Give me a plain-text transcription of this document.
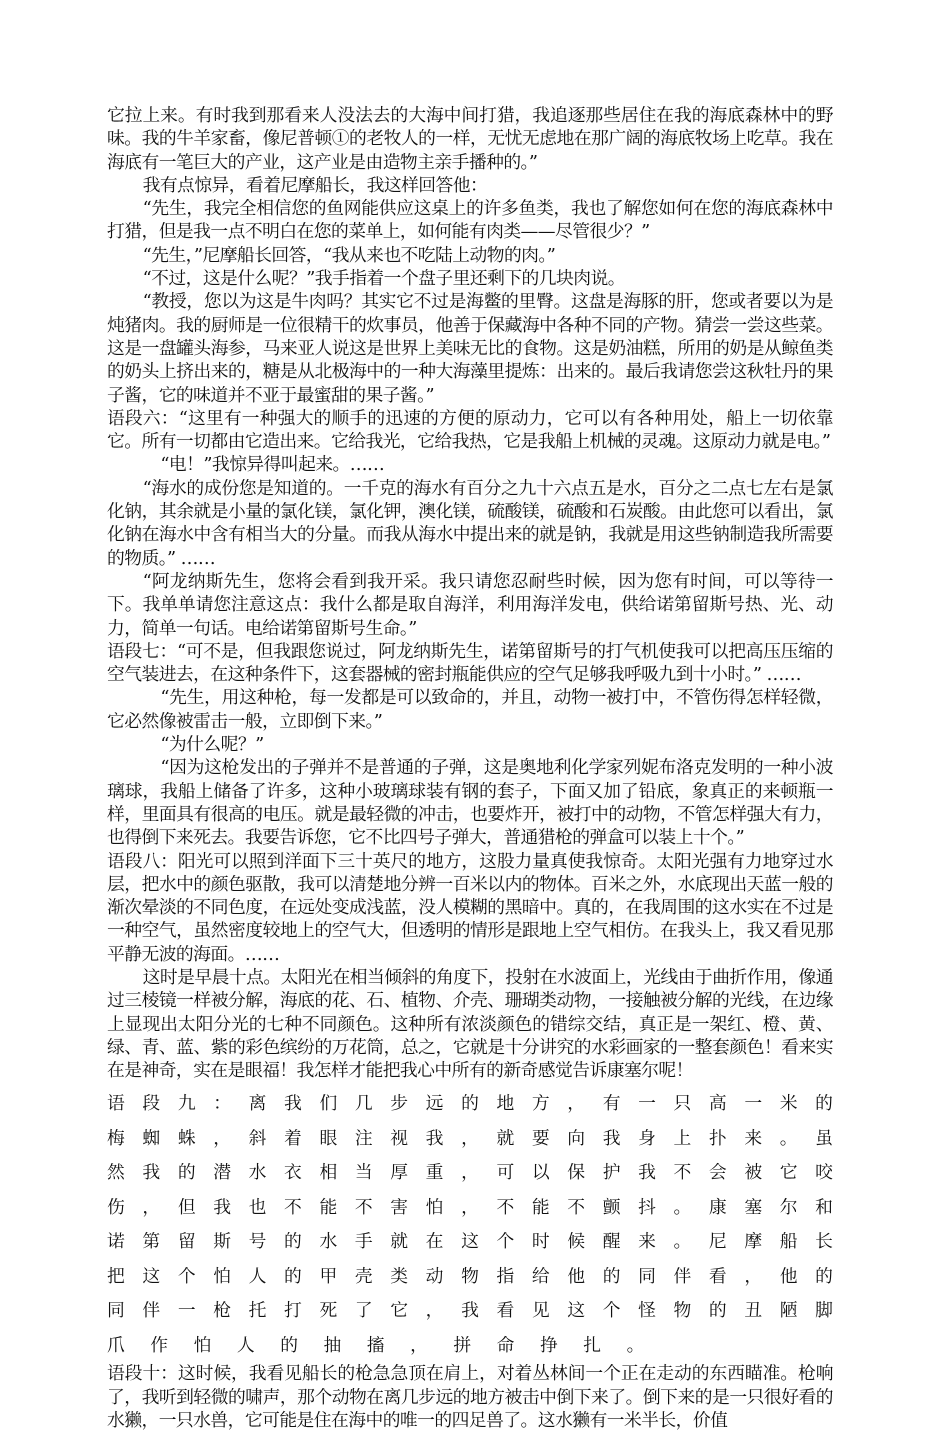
它拉上来。有时我到那看来人没法去的大海中间打猎，我追逐那些居住在我的海底森林中的野味。我的牛羊家畜，像尼普顿①的老牧人的一样，无忧无虑地在那广阔的海底牧场上吃草。我在海底有一笔巨大的产业，这产业是由造物主亲手播种的。”

我有点惊异，看着尼摩船长，我这样回答他：

“先生，我完全相信您的鱼网能供应这桌上的许多鱼类，我也了解您如何在您的海底森林中打猎，但是我一点不明白在您的菜单上，如何能有肉类——尽管很少？”

“先生，”尼摩船长回答，“我从来也不吃陆上动物的肉。”

“不过，这是什么呢？”我手指着一个盘子里还剩下的几块肉说。

“教授，您以为这是牛肉吗？其实它不过是海鳖的里臀。这盘是海豚的肝，您或者要以为是炖猪肉。我的厨师是一位很精干的炊事员，他善于保藏海中各种不同的产物。猜尝一尝这些菜。这是一盘罐头海参，马来亚人说这是世界上美味无比的食物。这是奶油糕，所用的奶是从鲸鱼类的奶头上挤出来的，糖是从北极海中的一种大海藻里提炼：出来的。最后我请您尝这秋牡丹的果子酱，它的味道并不亚于最蜜甜的果子酱。”

语段六：“这里有一种强大的顺手的迅速的方便的原动力，它可以有各种用处，船上一切依靠它。所有一切都由它造出来。它给我光，它给我热，它是我船上机械的灵魂。这原动力就是电。”

“电！”我惊异得叫起来。……

“海水的成份您是知道的。一千克的海水有百分之九十六点五是水，百分之二点七左右是氯化钠，其余就是小量的氯化镁，氯化钾，澳化镁，硫酸镁，硫酸和石炭酸。由此您可以看出，氯化钠在海水中含有相当大的分量。而我从海水中提出来的就是钠，我就是用这些钠制造我所需要的物质。” ……

“阿龙纳斯先生，您将会看到我开采。我只请您忍耐些时候，因为您有时间，可以等待一下。我单单请您注意这点：我什么都是取自海洋，利用海洋发电，供给诺第留斯号热、光、动力，简单一句话。电给诺第留斯号生命。”

语段七：“可不是，但我跟您说过，阿龙纳斯先生，诺第留斯号的打气机使我可以把高压压缩的空气装进去，在这种条件下，这套器械的密封瓶能供应的空气足够我呼吸九到十小时。” ……

“先生，用这种枪，每一发都是可以致命的，并且，动物一被打中，不管伤得怎样轻微，它必然像被雷击一般，立即倒下来。”

“为什么呢？”

“因为这枪发出的子弹并不是普通的子弹，这是奥地利化学家列妮布洛克发明的一种小波璃球，我船上储备了许多，这种小玻璃球装有钢的套子，下面又加了铅底，象真正的来顿瓶一样，里面具有很高的电压。就是最轻微的冲击，也要炸开，被打中的动物，不管怎样强大有力，也得倒下来死去。我要告诉您，它不比四号子弹大，普通猎枪的弹盒可以装上十个。”

语段八：阳光可以照到洋面下三十英尺的地方，这股力量真使我惊奇。太阳光强有力地穿过水层，把水中的颜色驱散，我可以清楚地分辨一百米以内的物体。百米之外，水底现出天蓝一般的渐次晕淡的不同色度，在远处变成浅蓝，没人模糊的黑暗中。真的，在我周围的这水实在不过是一种空气，虽然密度较地上的空气大，但透明的情形是跟地上空气相仿。在我头上，我又看见那平静无波的海面。……

这时是早晨十点。太阳光在相当倾斜的角度下，投射在水波面上，光线由于曲折作用，像通过三棱镜一样被分解，海底的花、石、植物、介壳、珊瑚类动物，一接触被分解的光线，在边缘上显现出太阳分光的七种不同颜色。这种所有浓淡颜色的错综交结，真正是一架红、橙、黄、绿、青、蓝、紫的彩色缤纷的万花筒，总之，它就是十分讲究的水彩画家的一整套颜色！看来实在是神奇，实在是眼福！我怎样才能把我心中所有的新奇感觉告诉康塞尔呢！

语 段 九 ： 离 我 们 几 步 远 的 地 方 ， 有 一 只 高 一 米 的
梅 蜘 蛛 ， 斜 着 眼 注 视 我 ， 就 要 向 我 身 上 扑 来 。 虽
然 我 的 潜 水 衣 相 当 厚 重 ， 可 以 保 护 我 不 会 被 它 咬
伤 ， 但 我 也 不 能 不 害 怕 ， 不 能 不 颤 抖 。 康 塞 尔 和
诺 第 留 斯 号 的 水 手 就 在 这 个 时 候 醒 来 。 尼 摩 船 长
把 这 个 怕 人 的 甲 壳 类 动 物 指 给 他 的 同 伴 看 ， 他 的
同 伴 一 枪 托 打 死 了 它 ， 我 看 见 这 个 怪 物 的 丑 陋 脚
爪 作 怕 人 的 抽 搐 ， 拼 命 挣 扎 。

语段十：这时候，我看见船长的枪急急顶在肩上，对着丛林间一个正在走动的东西瞄准。枪响了，我听到轻微的啸声，那个动物在离几步远的地方被击中倒下来了。倒下来的是一只很好看的水獭，一只水兽，它可能是住在海中的唯一的四足兽了。这水獭有一米半长，价值
